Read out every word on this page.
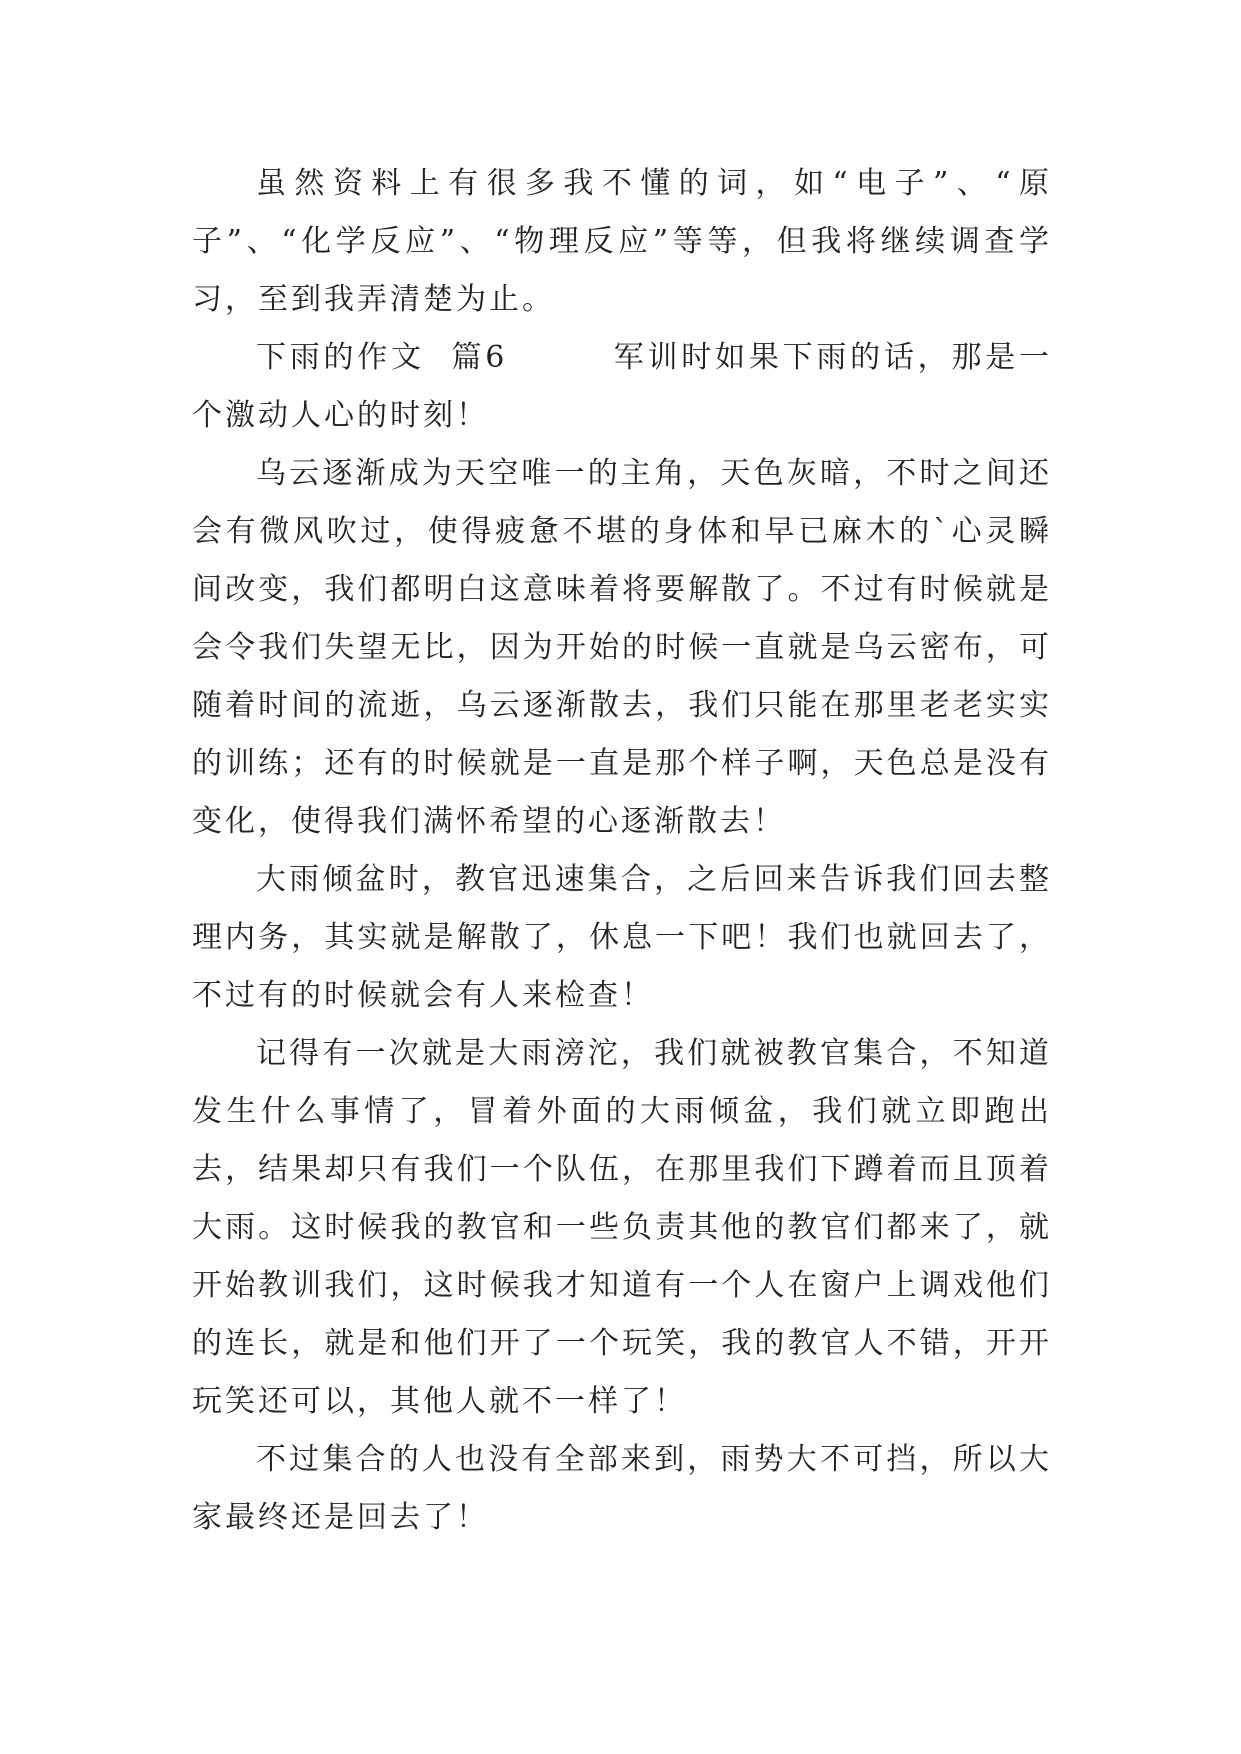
虽然资料上有很多我不懂的词，如“电子”、“原子”、“化学反应”、“物理反应”等等，但我将继续调查学习，至到我弄清楚为止。

下雨的作文  篇6        军训时如果下雨的话，那是一个激动人心的时刻！

乌云逐渐成为天空唯一的主角，天色灰暗，不时之间还会有微风吹过，使得疲惫不堪的身体和早已麻木的`心灵瞬间改变，我们都明白这意味着将要解散了。不过有时候就是会令我们失望无比，因为开始的时候一直就是乌云密布，可随着时间的流逝，乌云逐渐散去，我们只能在那里老老实实的训练；还有的时候就是一直是那个样子啊，天色总是没有变化，使得我们满怀希望的心逐渐散去！

大雨倾盆时，教官迅速集合，之后回来告诉我们回去整理内务，其实就是解散了，休息一下吧！我们也就回去了，不过有的时候就会有人来检查！

记得有一次就是大雨滂沱，我们就被教官集合，不知道发生什么事情了，冒着外面的大雨倾盆，我们就立即跑出去，结果却只有我们一个队伍，在那里我们下蹲着而且顶着大雨。这时候我的教官和一些负责其他的教官们都来了，就开始教训我们，这时候我才知道有一个人在窗户上调戏他们的连长，就是和他们开了一个玩笑，我的教官人不错，开开玩笑还可以，其他人就不一样了！

不过集合的人也没有全部来到，雨势大不可挡，所以大家最终还是回去了！
